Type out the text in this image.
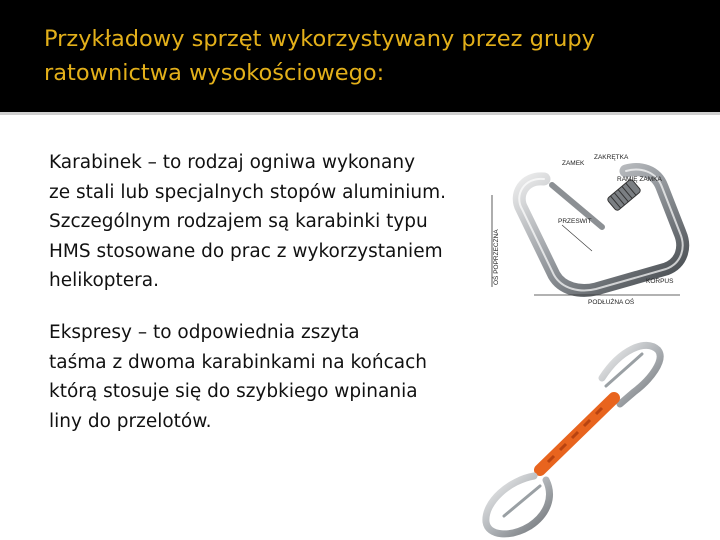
Przykładowy sprzęt wykorzystywany przez grupy ratownictwa wysokościowego:
Karabinek – to rodzaj ogniwa wykonany
ze stali lub specjalnych stopów aluminium.
Szczególnym rodzajem są karabinki typu
HMS stosowane do prac z wykorzystaniem
helikoptera.
Ekspresy – to odpowiednia zszyta
taśma z dwoma karabinkami na końcach
którą stosuje się do szybkiego wpinania
liny do przelotów.
ZAKRĘTKA
ZAMEK
RAMIĘ ZAMKA
PRZESWIT
KORPUS
PODŁUŻNA OŚ
OŚ POPRZECZNA
